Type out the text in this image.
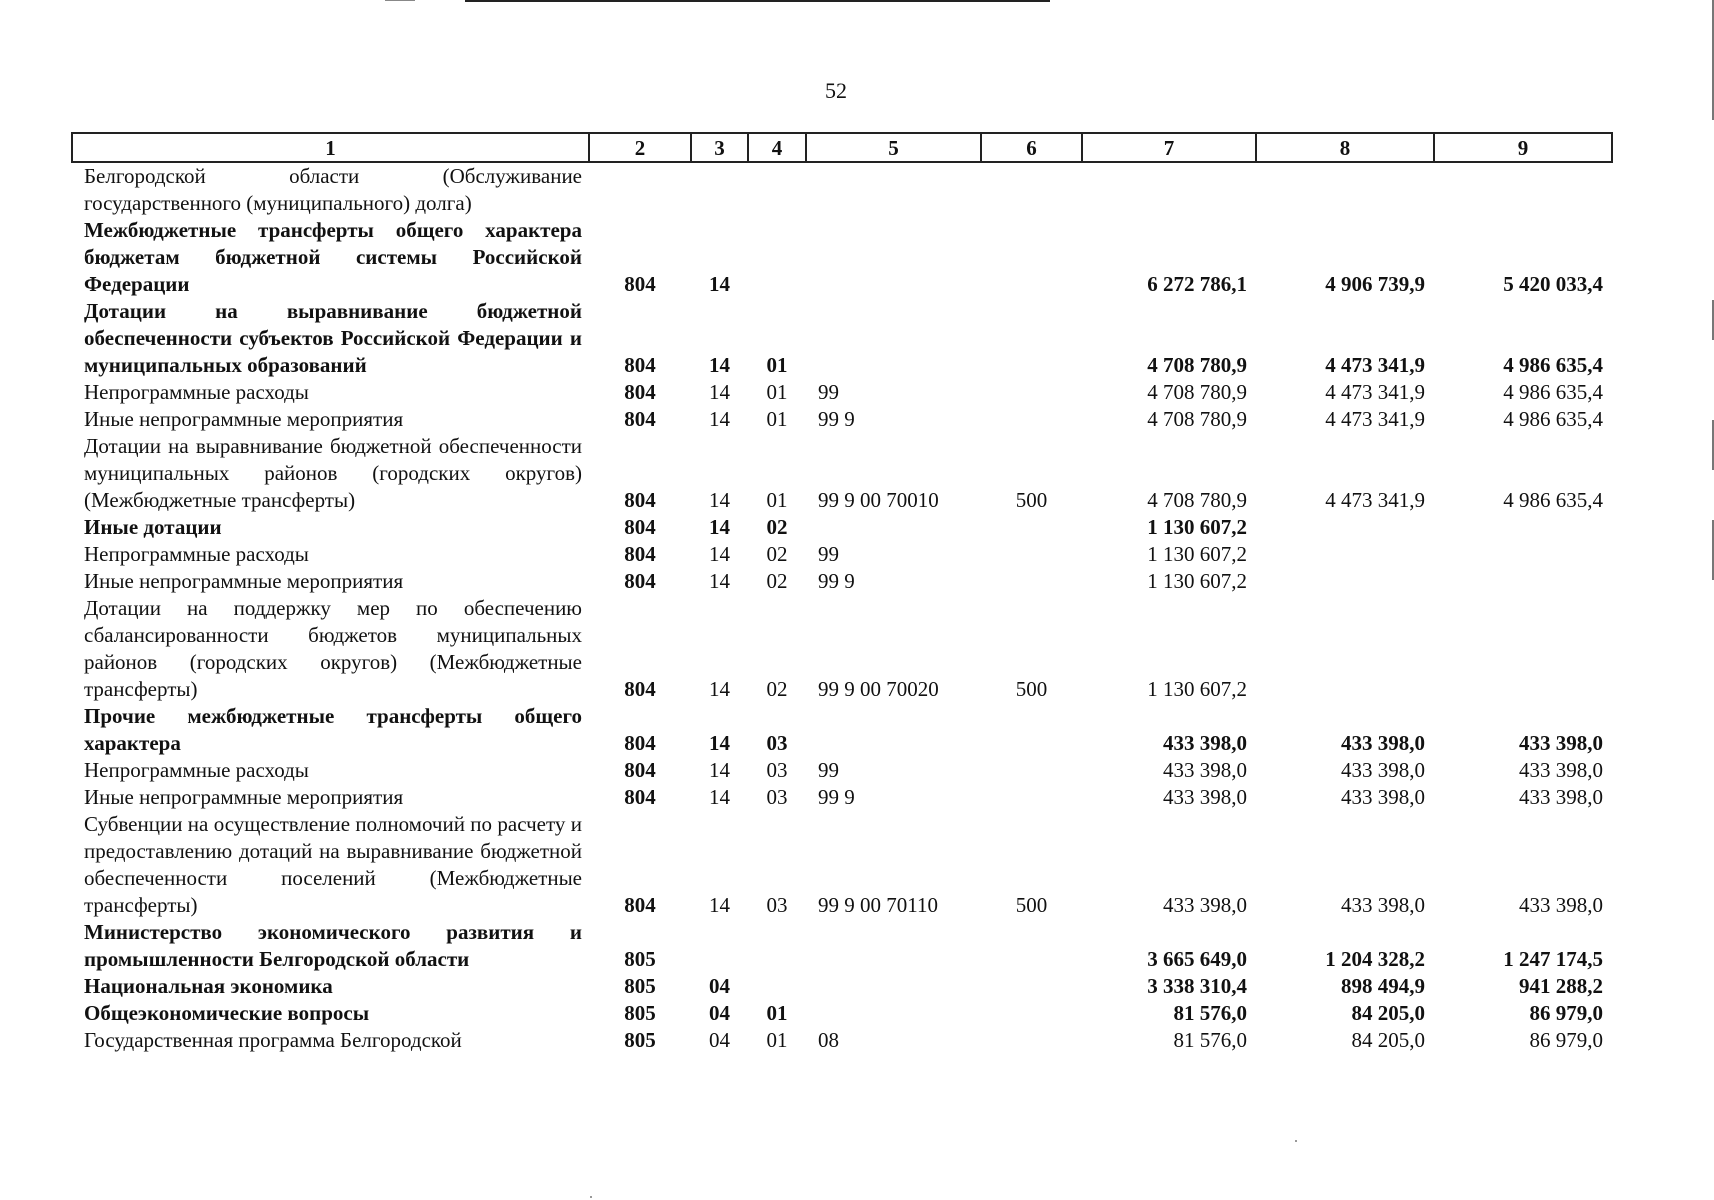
52
1	2	3	4	5	6	7	8	9
Белгородской области (Обслуживание государственного (муниципального) долга)								
Межбюджетные трансферты общего характера бюджетам бюджетной системы Российской Федерации	804	14				6 272 786,1	4 906 739,9	5 420 033,4
Дотации на выравнивание бюджетной обеспеченности субъектов Российской Федерации и муниципальных образований	804	14	01			4 708 780,9	4 473 341,9	4 986 635,4
Непрограммные расходы	804	14	01	99		4 708 780,9	4 473 341,9	4 986 635,4
Иные непрограммные мероприятия	804	14	01	99 9		4 708 780,9	4 473 341,9	4 986 635,4
Дотации на выравнивание бюджетной обеспеченности муниципальных районов (городских округов) (Межбюджетные трансферты)	804	14	01	99 9 00 70010	500	4 708 780,9	4 473 341,9	4 986 635,4
Иные дотации	804	14	02			1 130 607,2		
Непрограммные расходы	804	14	02	99		1 130 607,2		
Иные непрограммные мероприятия	804	14	02	99 9		1 130 607,2		
Дотации на поддержку мер по обеспечению сбалансированности бюджетов муниципальных районов (городских округов) (Межбюджетные трансферты)	804	14	02	99 9 00 70020	500	1 130 607,2		
Прочие межбюджетные трансферты общего характера	804	14	03			433 398,0	433 398,0	433 398,0
Непрограммные расходы	804	14	03	99		433 398,0	433 398,0	433 398,0
Иные непрограммные мероприятия	804	14	03	99 9		433 398,0	433 398,0	433 398,0
Субвенции на осуществление полномочий по расчету и предоставлению дотаций на выравнивание бюджетной обеспеченности поселений (Межбюджетные трансферты)	804	14	03	99 9 00 70110	500	433 398,0	433 398,0	433 398,0
Министерство экономического развития и промышленности Белгородской области	805					3 665 649,0	1 204 328,2	1 247 174,5
Национальная экономика	805	04				3 338 310,4	898 494,9	941 288,2
Общеэкономические вопросы	805	04	01			81 576,0	84 205,0	86 979,0
Государственная программа Белгородской	805	04	01	08		81 576,0	84 205,0	86 979,0
